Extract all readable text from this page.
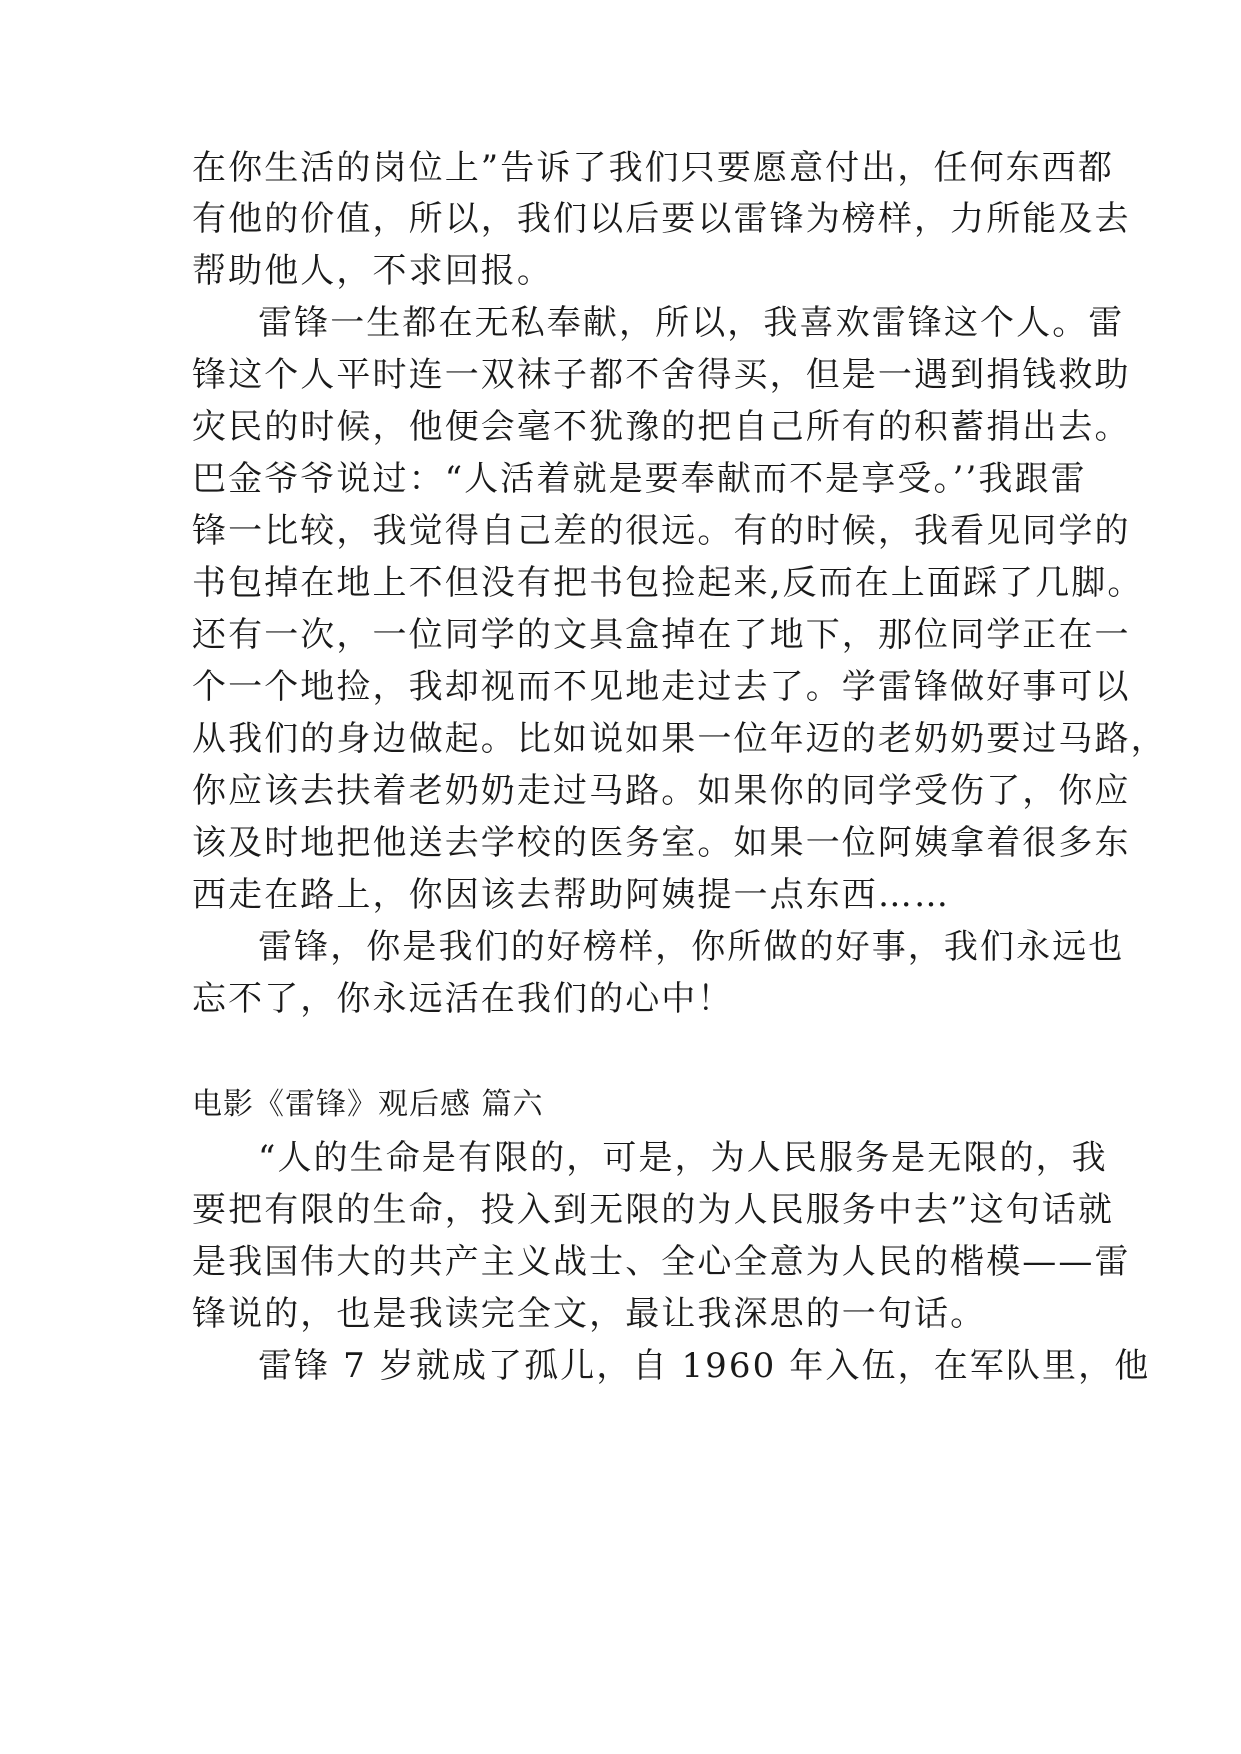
在你生活的岗位上”告诉了我们只要愿意付出，任何东西都
有他的价值，所以，我们以后要以雷锋为榜样，力所能及去
帮助他人，不求回报。
雷锋一生都在无私奉献，所以，我喜欢雷锋这个人。雷
锋这个人平时连一双袜子都不舍得买，但是一遇到捐钱救助
灾民的时候，他便会毫不犹豫的把自己所有的积蓄捐出去。
巴金爷爷说过：“人活着就是要奉献而不是享受。’’我跟雷
锋一比较，我觉得自己差的很远。有的时候，我看见同学的
书包掉在地上不但没有把书包捡起来,反而在上面踩了几脚。
还有一次，一位同学的文具盒掉在了地下，那位同学正在一
个一个地捡，我却视而不见地走过去了。学雷锋做好事可以
从我们的身边做起。比如说如果一位年迈的老奶奶要过马路，
你应该去扶着老奶奶走过马路。如果你的同学受伤了，你应
该及时地把他送去学校的医务室。如果一位阿姨拿着很多东
西走在路上，你因该去帮助阿姨提一点东西……
雷锋，你是我们的好榜样，你所做的好事，我们永远也
忘不了，你永远活在我们的心中！
电影《雷锋》观后感 篇六
“人的生命是有限的，可是，为人民服务是无限的，我
要把有限的生命，投入到无限的为人民服务中去”这句话就
是我国伟大的共产主义战士、全心全意为人民的楷模——雷
锋说的，也是我读完全文，最让我深思的一句话。
雷锋 7 岁就成了孤儿，自 1960 年入伍，在军队里，他
